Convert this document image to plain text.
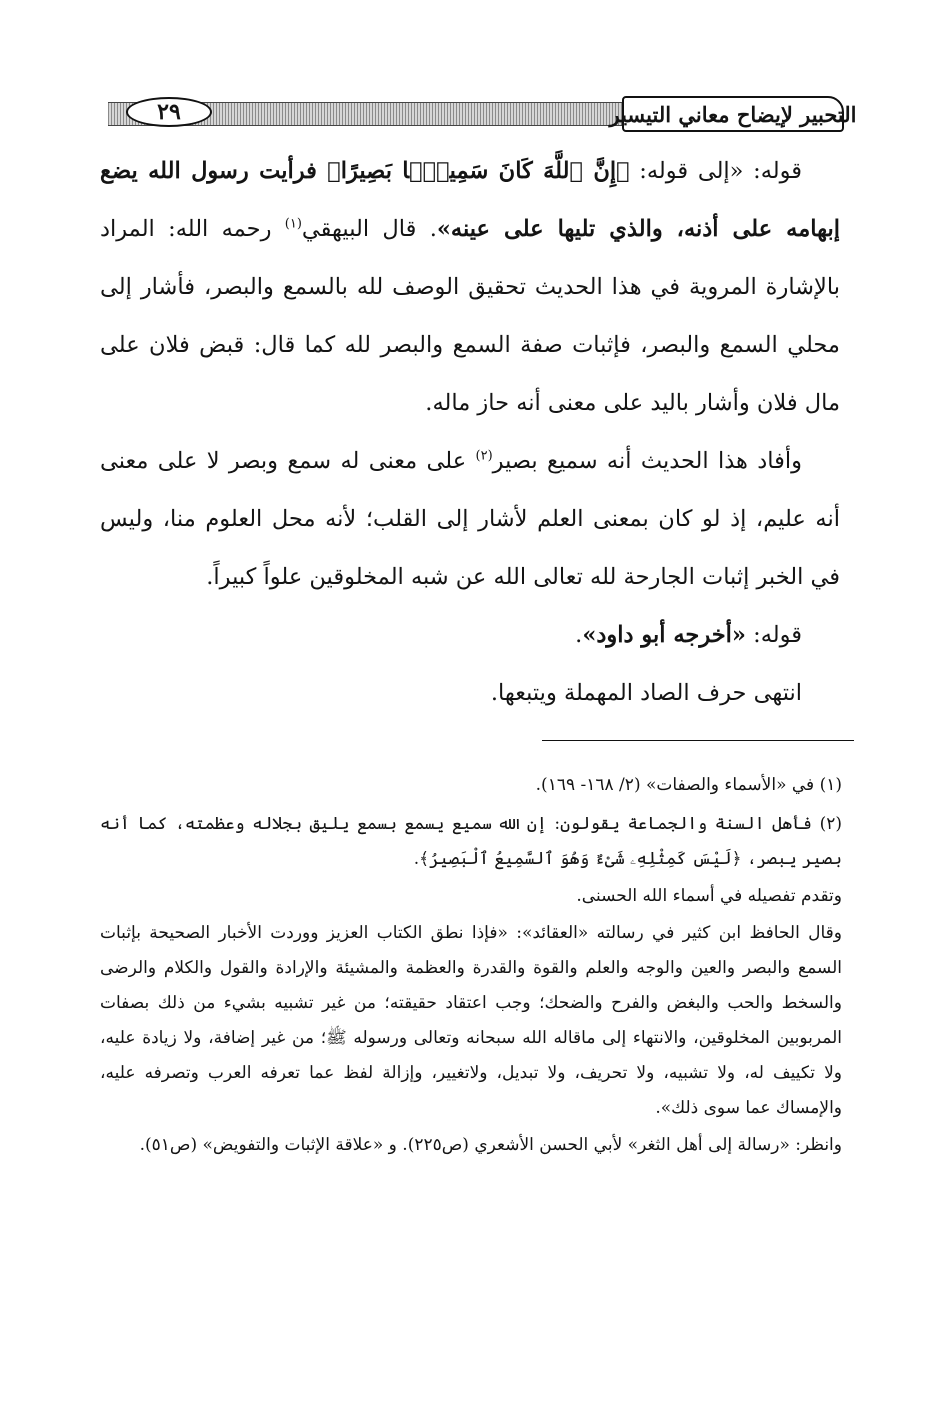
التحبير لإيضاح معاني التيسير
٢٩

قوله: «إلى قوله: ﴿إِنَّ ٱللَّهَ كَانَ سَمِيعًۢا بَصِيرًا﴾ فرأيت رسول الله يضع إبهامه على أذنه، والذي تليها على عينه». قال البيهقي$^{(١)}$ رحمه الله: المراد بالإشارة المروية في هذا الحديث تحقيق الوصف لله بالسمع والبصر، فأشار إلى محلي السمع والبصر، فإثبات صفة السمع والبصر لله كما قال: قبض فلان على مال فلان وأشار باليد على معنى أنه حاز ماله.

وأفاد هذا الحديث أنه سميع بصير$^{(٢)}$ على معنى له سمع وبصر لا على معنى أنه عليم، إذ لو كان بمعنى العلم لأشار إلى القلب؛ لأنه محل العلوم منا، وليس في الخبر إثبات الجارحة لله تعالى الله عن شبه المخلوقين علواً كبيراً.

قوله: «أخرجه أبو داود».

انتهى حرف الصاد المهملة ويتبعها.

(١) في «الأسماء والصفات» (٢/ ١٦٨- ١٦٩).

(٢) فأهل السنة والجماعة يقولون: إن الله سميع يسمع بسمع يليق بجلاله وعظمته، كما أنه بصير يبصر، ﴿لَيْسَ كَمِثْلِهِۦ شَىْءٌ وَهُوَ ٱلسَّمِيعُ ٱلْبَصِيرُ﴾.

وتقدم تفصيله في أسماء الله الحسنى.

وقال الحافظ ابن كثير في رسالته «العقائد»: «فإذا نطق الكتاب العزيز ووردت الأخبار الصحيحة بإثبات السمع والبصر والعين والوجه والعلم والقوة والقدرة والعظمة والمشيئة والإرادة والقول والكلام والرضى والسخط والحب والبغض والفرح والضحك؛ وجب اعتقاد حقيقته؛ من غير تشبيه بشيء من ذلك بصفات المربوبين المخلوقين، والانتهاء إلى ماقاله الله سبحانه وتعالى ورسوله ﷺ؛ من غير إضافة، ولا زيادة عليه، ولا تكييف له، ولا تشبيه، ولا تحريف، ولا تبديل، ولاتغيير، وإزالة لفظ عما تعرفه العرب وتصرفه عليه، والإمساك عما سوى ذلك».

وانظر: «رسالة إلى أهل الثغر» لأبي الحسن الأشعري (ص٢٢٥). و «علاقة الإثبات والتفويض» (ص٥١).
